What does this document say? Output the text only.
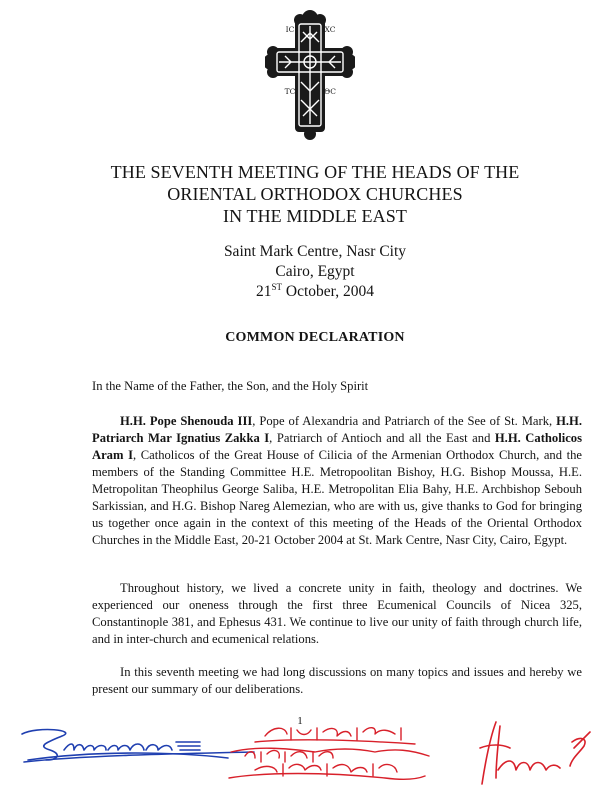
IC	XC
TC	ΘC
THE SEVENTH MEETING OF THE HEADS OF THE
ORIENTAL ORTHODOX CHURCHES
IN THE MIDDLE EAST
Saint Mark Centre, Nasr City
Cairo, Egypt
21ST October, 2004
COMMON DECLARATION
In the Name of the Father, the Son, and the Holy Spirit
H.H. Pope Shenouda III, Pope of Alexandria and Patriarch of the See of St. Mark, H.H. Patriarch Mar Ignatius Zakka I, Patriarch of Antioch and all the East and H.H. Catholicos Aram I, Catholicos of the Great House of Cilicia of the Armenian Orthodox Church, and the members of the Standing Committee H.E. Metropoolitan Bishoy, H.G. Bishop Moussa, H.E. Metropolitan Theophilus George Saliba, H.E. Metropolitan Elia Bahy, H.E. Archbishop Sebouh Sarkissian, and H.G. Bishop Nareg Alemezian, who are with us, give thanks to God for bringing us together once again in the context of this meeting of the Heads of the Oriental Orthodox Churches in the Middle East, 20-21 October 2004 at St. Mark Centre, Nasr City, Cairo, Egypt.
Throughout history, we lived a concrete unity in faith, theology and doctrines. We experienced our oneness through the first three Ecumenical Councils of Nicea 325, Constantinople 381, and Ephesus 431. We continue to live our unity of faith through church life, and in inter-church and ecumenical relations.
In this seventh meeting we had long discussions on many topics and issues and hereby we present our summary of our deliberations.
1
